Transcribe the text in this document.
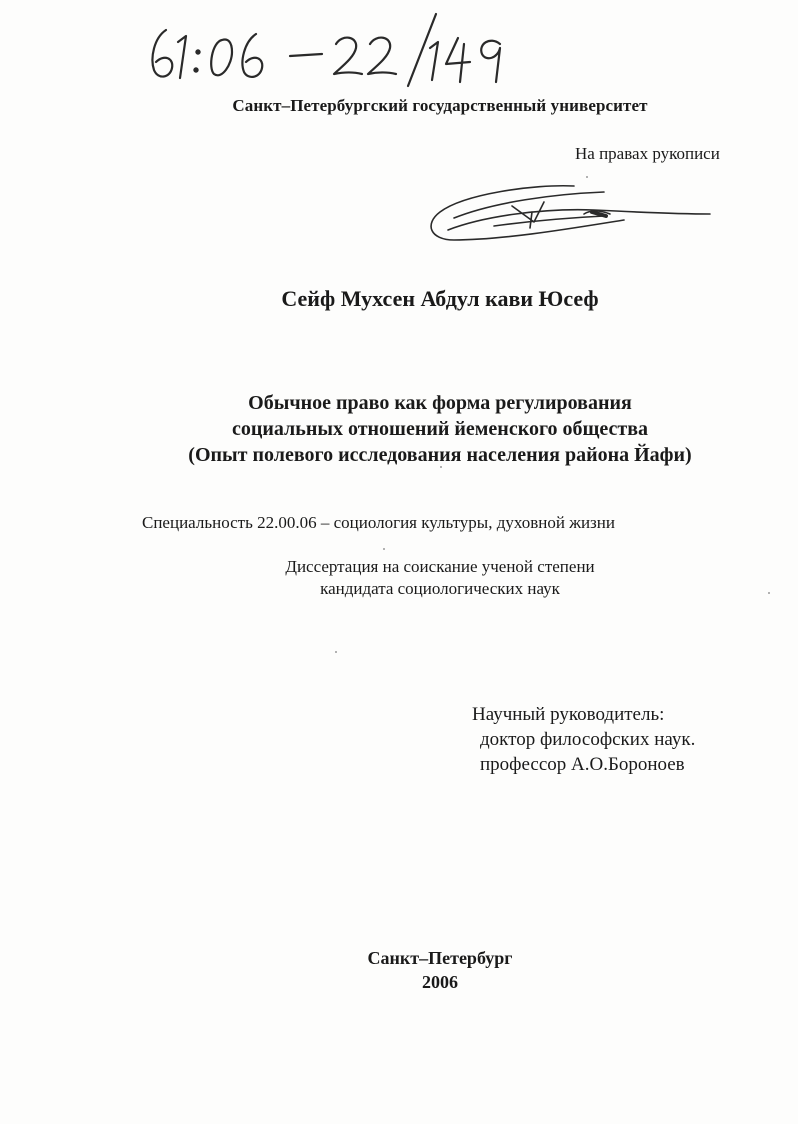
Санкт–Петербургский государственный университет
На правах рукописи
Сейф Мухсен Абдул кави Юсеф
Обычное право как форма регулирования
социальных отношений йеменского общества
(Опыт полевого исследования населения района Йафи)
Специальность 22.00.06 – социология культуры, духовной жизни
Диссертация на соискание ученой степени
кандидата социологических наук
Научный руководитель:
доктор философских наук.
профессор А.О.Бороноев
Санкт–Петербург
2006
